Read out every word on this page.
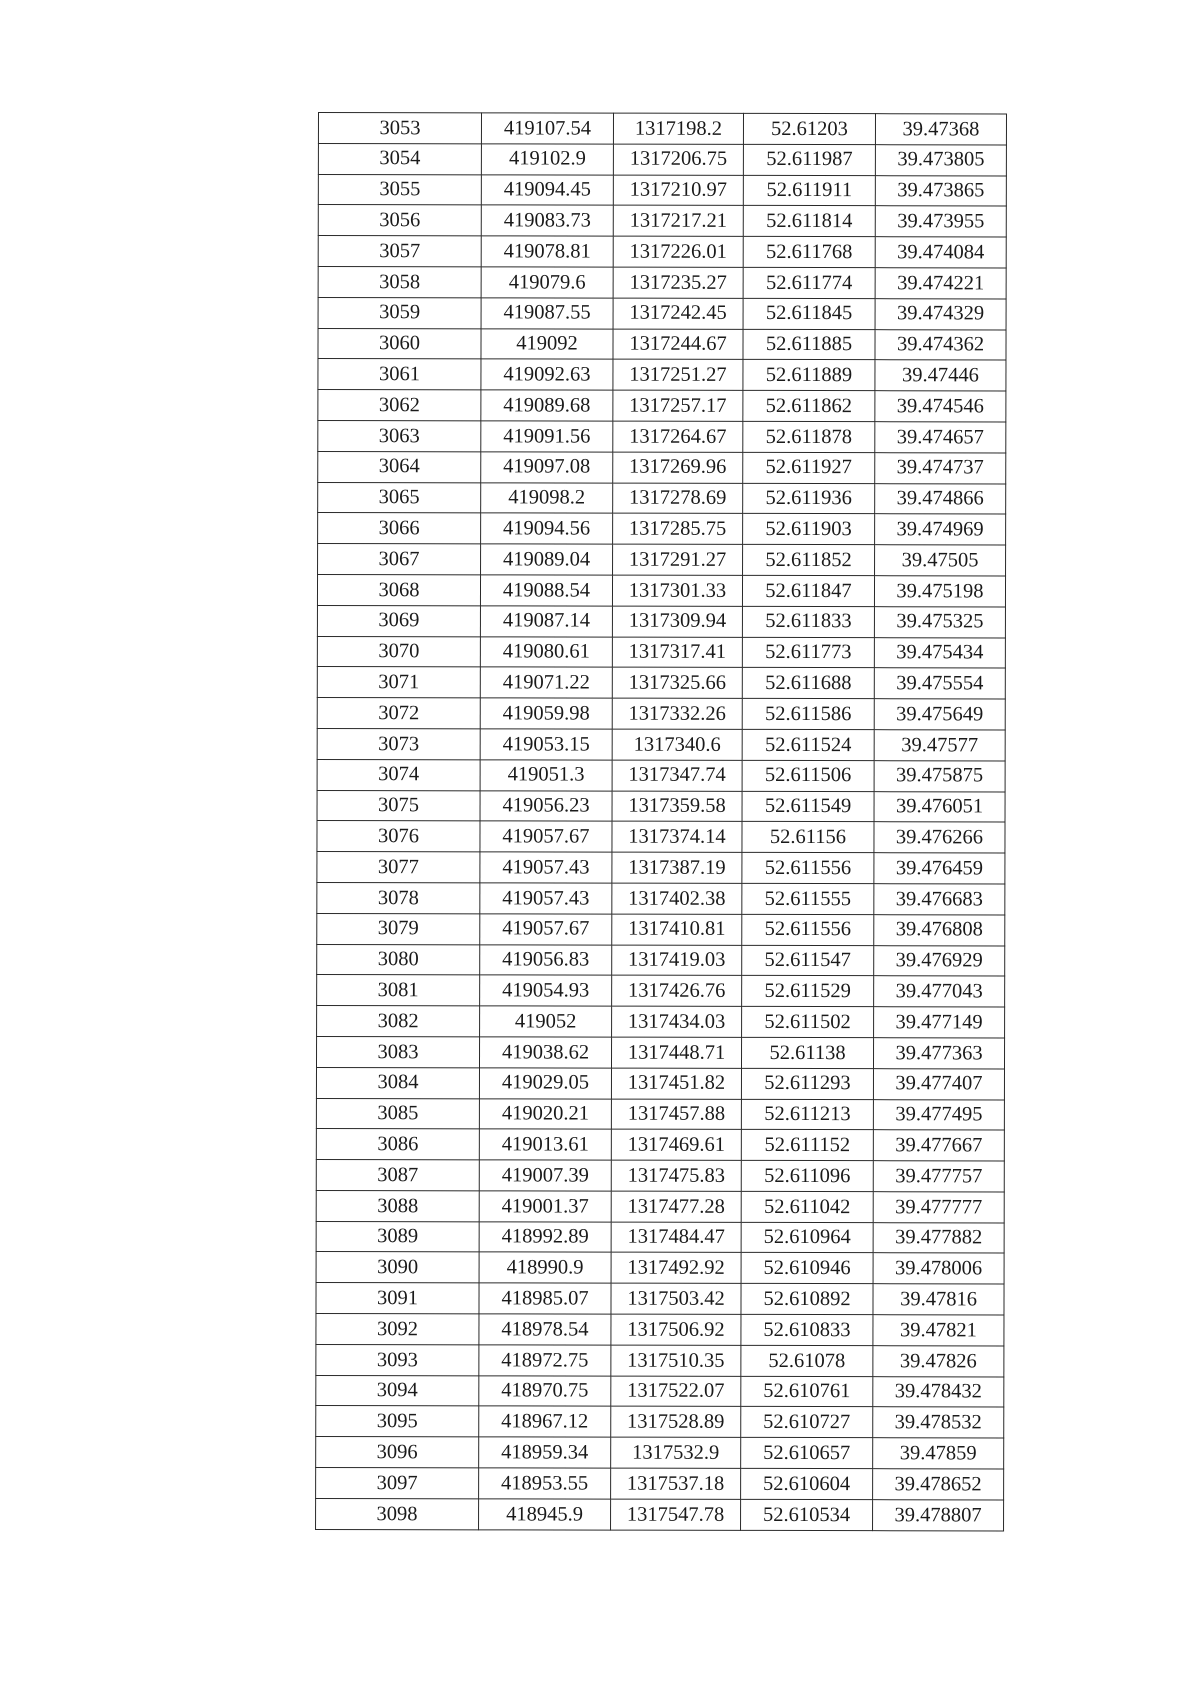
3053	419107.54	1317198.2	52.61203	39.47368
3054	419102.9	1317206.75	52.611987	39.473805
3055	419094.45	1317210.97	52.611911	39.473865
3056	419083.73	1317217.21	52.611814	39.473955
3057	419078.81	1317226.01	52.611768	39.474084
3058	419079.6	1317235.27	52.611774	39.474221
3059	419087.55	1317242.45	52.611845	39.474329
3060	419092	1317244.67	52.611885	39.474362
3061	419092.63	1317251.27	52.611889	39.47446
3062	419089.68	1317257.17	52.611862	39.474546
3063	419091.56	1317264.67	52.611878	39.474657
3064	419097.08	1317269.96	52.611927	39.474737
3065	419098.2	1317278.69	52.611936	39.474866
3066	419094.56	1317285.75	52.611903	39.474969
3067	419089.04	1317291.27	52.611852	39.47505
3068	419088.54	1317301.33	52.611847	39.475198
3069	419087.14	1317309.94	52.611833	39.475325
3070	419080.61	1317317.41	52.611773	39.475434
3071	419071.22	1317325.66	52.611688	39.475554
3072	419059.98	1317332.26	52.611586	39.475649
3073	419053.15	1317340.6	52.611524	39.47577
3074	419051.3	1317347.74	52.611506	39.475875
3075	419056.23	1317359.58	52.611549	39.476051
3076	419057.67	1317374.14	52.61156	39.476266
3077	419057.43	1317387.19	52.611556	39.476459
3078	419057.43	1317402.38	52.611555	39.476683
3079	419057.67	1317410.81	52.611556	39.476808
3080	419056.83	1317419.03	52.611547	39.476929
3081	419054.93	1317426.76	52.611529	39.477043
3082	419052	1317434.03	52.611502	39.477149
3083	419038.62	1317448.71	52.61138	39.477363
3084	419029.05	1317451.82	52.611293	39.477407
3085	419020.21	1317457.88	52.611213	39.477495
3086	419013.61	1317469.61	52.611152	39.477667
3087	419007.39	1317475.83	52.611096	39.477757
3088	419001.37	1317477.28	52.611042	39.477777
3089	418992.89	1317484.47	52.610964	39.477882
3090	418990.9	1317492.92	52.610946	39.478006
3091	418985.07	1317503.42	52.610892	39.47816
3092	418978.54	1317506.92	52.610833	39.47821
3093	418972.75	1317510.35	52.61078	39.47826
3094	418970.75	1317522.07	52.610761	39.478432
3095	418967.12	1317528.89	52.610727	39.478532
3096	418959.34	1317532.9	52.610657	39.47859
3097	418953.55	1317537.18	52.610604	39.478652
3098	418945.9	1317547.78	52.610534	39.478807
